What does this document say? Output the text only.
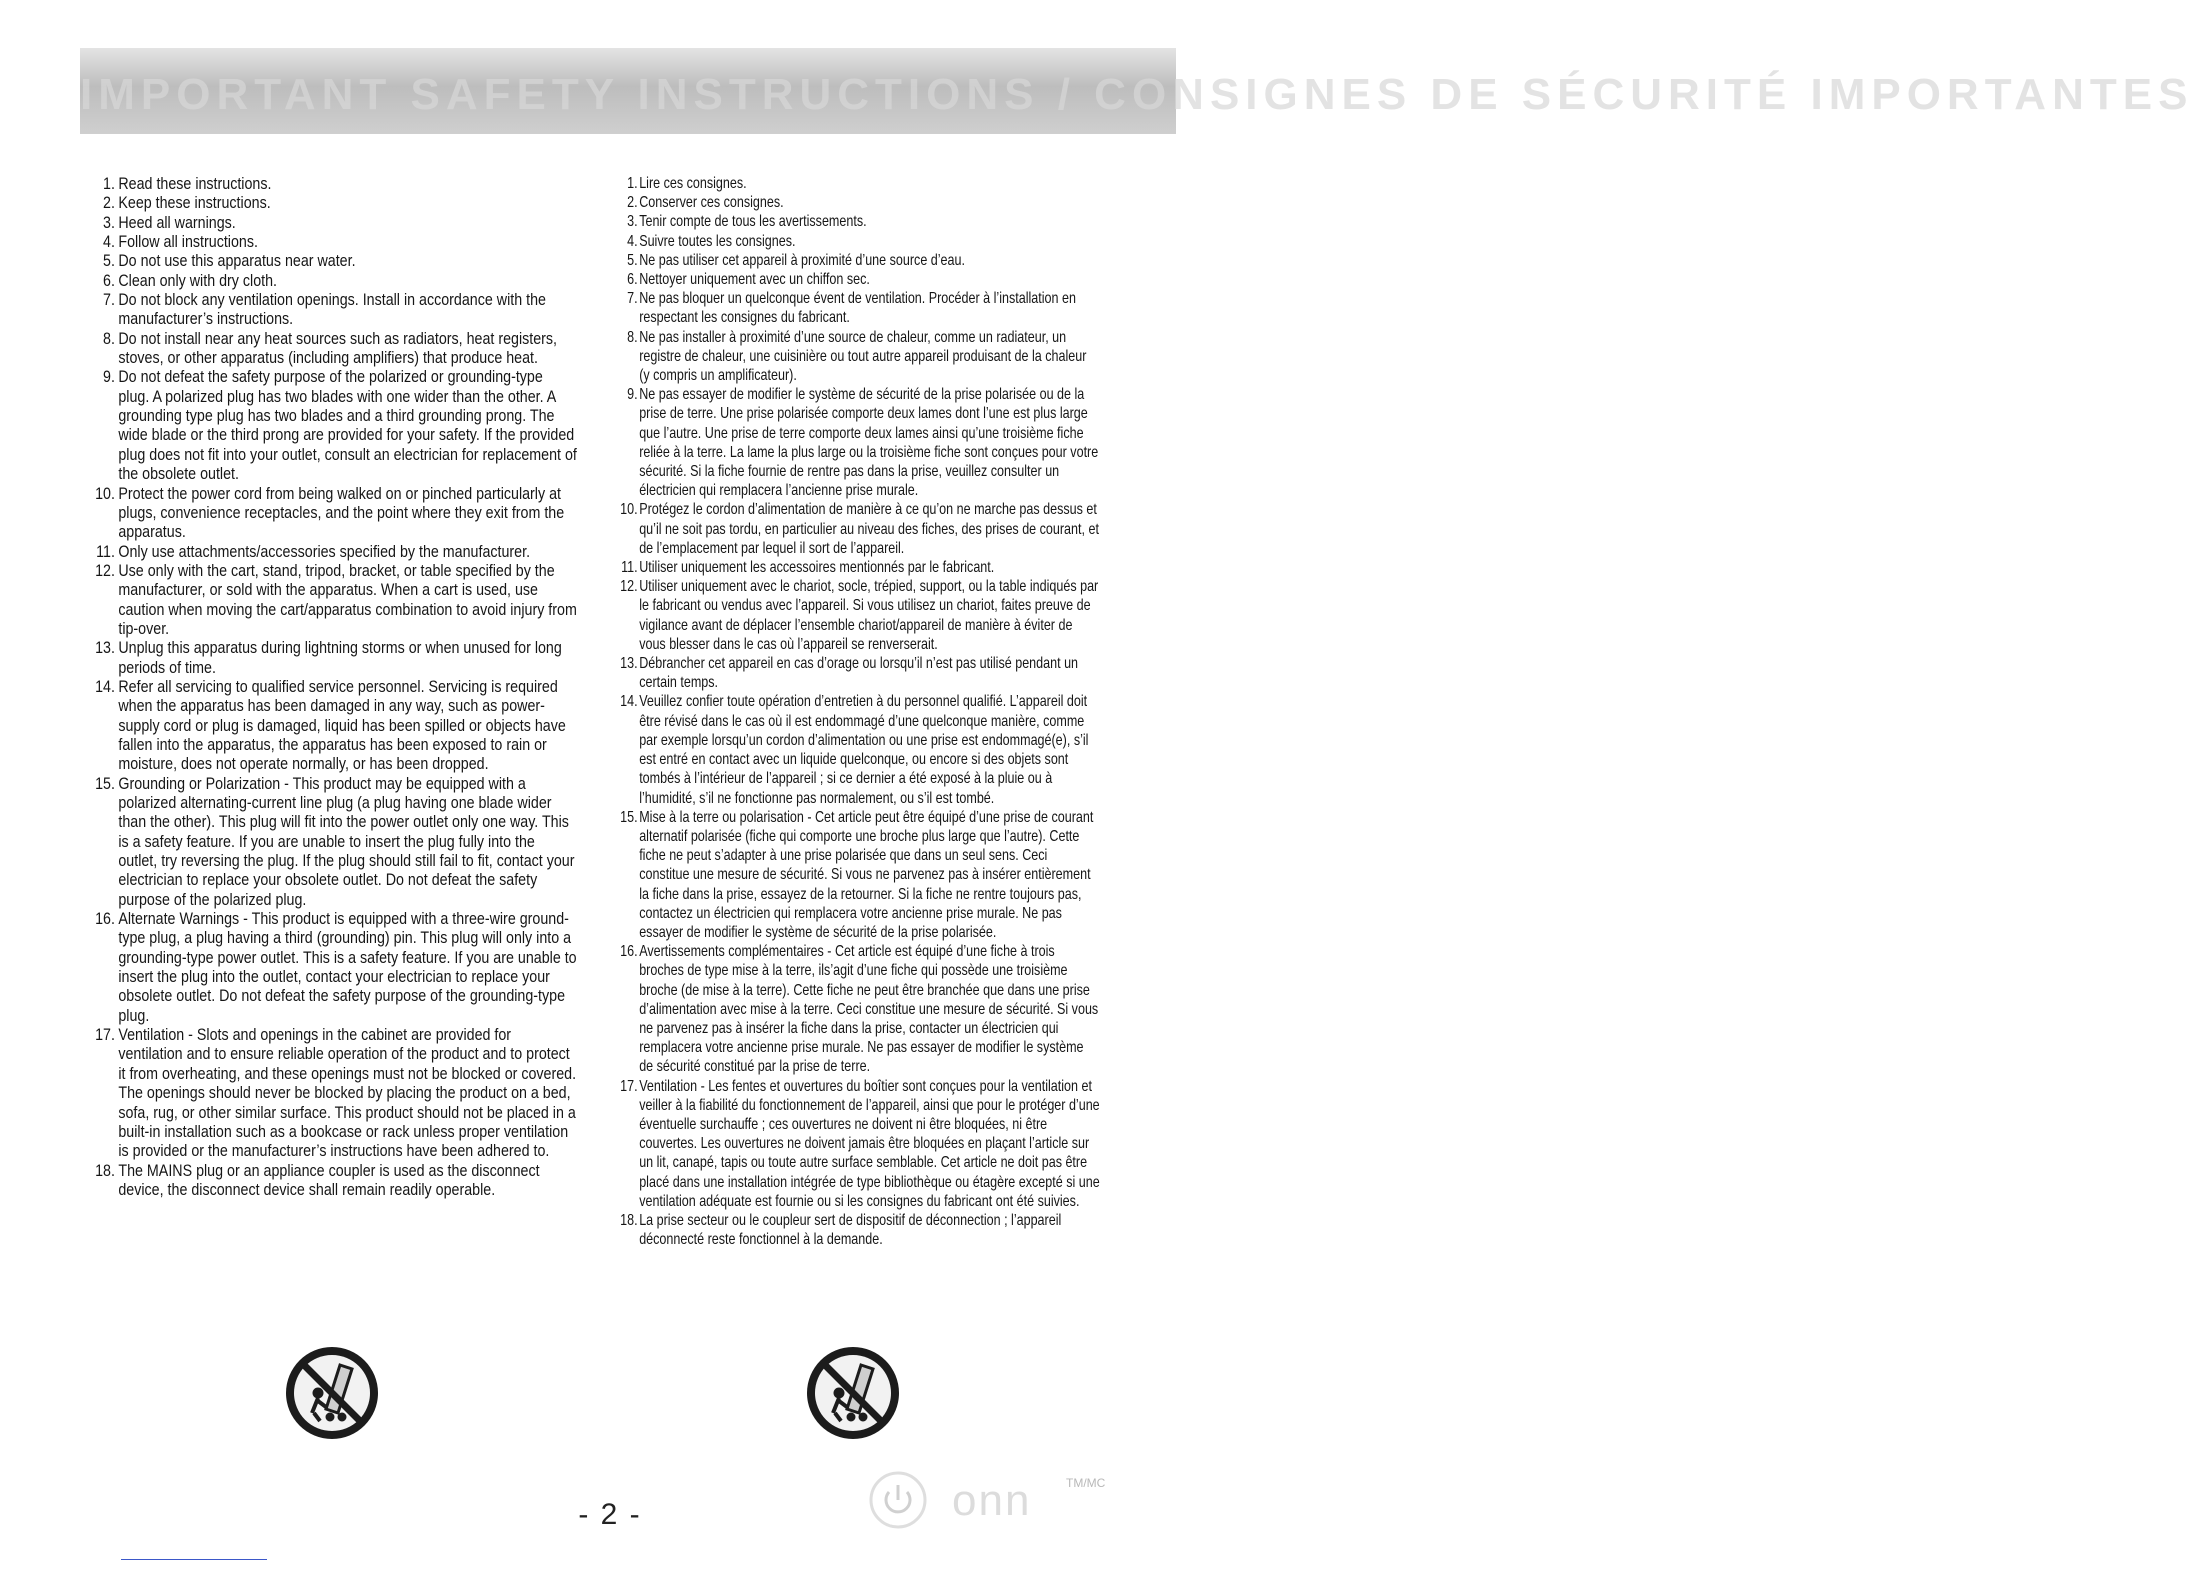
IMPORTANT SAFETY INSTRUCTIONS / CONSIGNES DE SÉCURITÉ IMPORTANTES
1. Read these instructions.
2. Keep these instructions.
3. Heed all warnings.
4. Follow all instructions.
5. Do not use this apparatus near water.
6. Clean only with dry cloth.
7. Do not block any ventilation openings. Install in accordance with the manufacturer’s instructions.
8. Do not install near any heat sources such as radiators, heat registers, stoves, or other apparatus (including amplifiers) that produce heat.
9. Do not defeat the safety purpose of the polarized or grounding-type plug. A polarized plug has two blades with one wider than the other. A grounding type plug has two blades and a third grounding prong. The wide blade or the third prong are provided for your safety. If the provided plug does not fit into your outlet, consult an electrician for replacement of the obsolete outlet.
10. Protect the power cord from being walked on or pinched particularly at plugs, convenience receptacles, and the point where they exit from the apparatus.
11. Only use attachments/accessories specified by the manufacturer.
12. Use only with the cart, stand, tripod, bracket, or table specified by the manufacturer, or sold with the apparatus. When a cart is used, use caution when moving the cart/apparatus combination to avoid injury from tip-over.
13. Unplug this apparatus during lightning storms or when unused for long periods of time.
14. Refer all servicing to qualified service personnel. Servicing is required when the apparatus has been damaged in any way, such as power-supply cord or plug is damaged, liquid has been spilled or objects have fallen into the apparatus, the apparatus has been exposed to rain or moisture, does not operate normally, or has been dropped.
15. Grounding or Polarization - This product may be equipped with a polarized alternating-current line plug (a plug having one blade wider than the other). This plug will fit into the power outlet only one way. This is a safety feature. If you are unable to insert the plug fully into the outlet, try reversing the plug. If the plug should still fail to fit, contact your electrician to replace your obsolete outlet. Do not defeat the safety purpose of the polarized plug.
16. Alternate Warnings - This product is equipped with a three-wire ground-type plug, a plug having a third (grounding) pin. This plug will only into a grounding-type power outlet. This is a safety feature. If you are unable to insert the plug into the outlet, contact your electrician to replace your obsolete outlet. Do not defeat the safety purpose of the grounding-type plug.
17. Ventilation - Slots and openings in the cabinet are provided for ventilation and to ensure reliable operation of the product and to protect it from overheating, and these openings must not be blocked or covered. The openings should never be blocked by placing the product on a bed, sofa, rug, or other similar surface. This product should not be placed in a built-in installation such as a bookcase or rack unless proper ventilation is provided or the manufacturer’s instructions have been adhered to.
18. The MAINS plug or an appliance coupler is used as the disconnect device, the disconnect device shall remain readily operable.
1. Lire ces consignes.
2. Conserver ces consignes.
3. Tenir compte de tous les avertissements.
4. Suivre toutes les consignes.
5. Ne pas utiliser cet appareil à proximité d’une source d’eau.
6. Nettoyer uniquement avec un chiffon sec.
7. Ne pas bloquer un quelconque évent de ventilation. Procéder à l’installation en respectant les consignes du fabricant.
8. Ne pas installer à proximité d’une source de chaleur, comme un radiateur, un registre de chaleur, une cuisinière ou tout autre appareil produisant de la chaleur (y compris un amplificateur).
9. Ne pas essayer de modifier le système de sécurité de la prise polarisée ou de la prise de terre. Une prise polarisée comporte deux lames dont l’une est plus large que l’autre. Une prise de terre comporte deux lames ainsi qu’une troisième fiche reliée à la terre. La lame la plus large ou la troisième fiche sont conçues pour votre sécurité. Si la fiche fournie de rentre pas dans la prise, veuillez consulter un électricien qui remplacera l’ancienne prise murale.
10. Protégez le cordon d’alimentation de manière à ce qu’on ne marche pas dessus et qu’il ne soit pas tordu, en particulier au niveau des fiches, des prises de courant, et de l’emplacement par lequel il sort de l’appareil.
11. Utiliser uniquement les accessoires mentionnés par le fabricant.
12. Utiliser uniquement avec le chariot, socle, trépied, support, ou la table indiqués par le fabricant ou vendus avec l’appareil. Si vous utilisez un chariot, faites preuve de vigilance avant de déplacer l’ensemble chariot/appareil de manière à éviter de vous blesser dans le cas où l’appareil se renverserait.
13. Débrancher cet appareil en cas d’orage ou lorsqu’il n’est pas utilisé pendant un certain temps.
14. Veuillez confier toute opération d’entretien à du personnel qualifié. L’appareil doit être révisé dans le cas où il est endommagé d’une quelconque manière, comme par exemple lorsqu’un cordon d’alimentation ou une prise est endommagé(e), s’il est entré en contact avec un liquide quelconque, ou encore si des objets sont tombés à l’intérieur de l’appareil ; si ce dernier a été exposé à la pluie ou à l’humidité, s’il ne fonctionne pas normalement, ou s’il est tombé.
15. Mise à la terre ou polarisation - Cet article peut être équipé d’une prise de courant alternatif polarisée (fiche qui comporte une broche plus large que l’autre). Cette fiche ne peut s’adapter à une prise polarisée que dans un seul sens. Ceci constitue une mesure de sécurité. Si vous ne parvenez pas à insérer entièrement la fiche dans la prise, essayez de la retourner. Si la fiche ne rentre toujours pas, contactez un électricien qui remplacera votre ancienne prise murale. Ne pas essayer de modifier le système de sécurité de la prise polarisée.
16. Avertissements complémentaires - Cet article est équipé d’une fiche à trois broches de type mise à la terre, ils’agit d’une fiche qui possède une troisième broche (de mise à la terre). Cette fiche ne peut être branchée que dans une prise d’alimentation avec mise à la terre. Ceci constitue une mesure de sécurité. Si vous ne parvenez pas à insérer la fiche dans la prise, contacter un électricien qui remplacera votre ancienne prise murale. Ne pas essayer de modifier le système de sécurité constitué par la prise de terre.
17. Ventilation - Les fentes et ouvertures du boîtier sont conçues pour la ventilation et veiller à la fiabilité du fonctionnement de l’appareil, ainsi que pour le protéger d’une éventuelle surchauffe ; ces ouvertures ne doivent ni être bloquées, ni être couvertes. Les ouvertures ne doivent jamais être bloquées en plaçant l’article sur un lit, canapé, tapis ou toute autre surface semblable. Cet article ne doit pas être placé dans une installation intégrée de type bibliothèque ou étagère excepté si une ventilation adéquate est fournie ou si les consignes du fabricant ont été suivies.
18. La prise secteur ou le coupleur sert de dispositif de déconnection ; l’appareil déconnecté reste fonctionnel à la demande.
- 2 -	onn	TM/MC
